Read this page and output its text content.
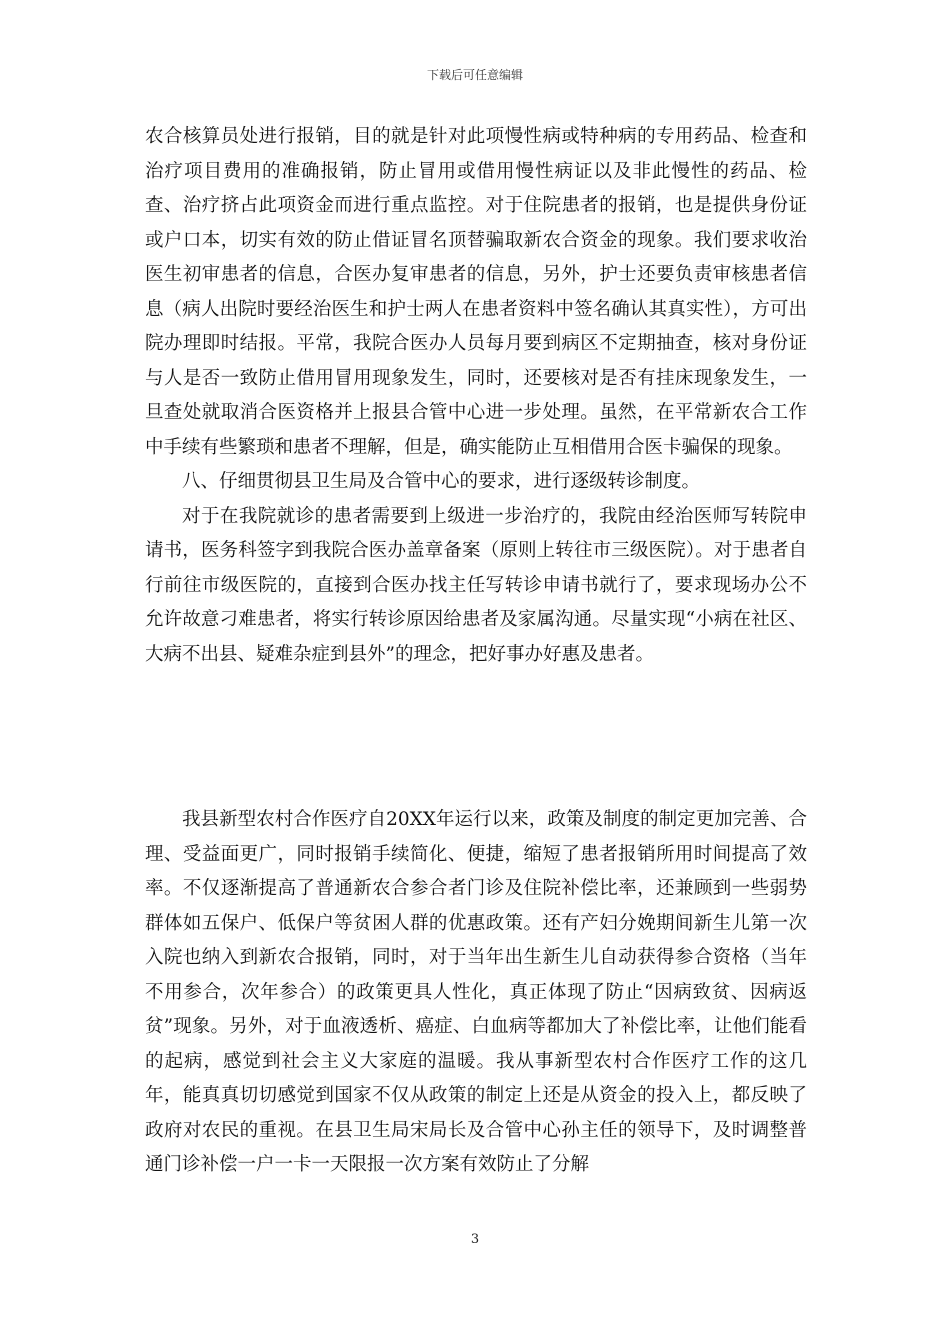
下载后可任意编辑

农合核算员处进行报销，目的就是针对此项慢性病或特种病的专用药品、检查和治疗项目费用的准确报销，防止冒用或借用慢性病证以及非此慢性的药品、检查、治疗挤占此项资金而进行重点监控。对于住院患者的报销，也是提供身份证或户口本，切实有效的防止借证冒名顶替骗取新农合资金的现象。我们要求收治医生初审患者的信息，合医办复审患者的信息，另外，护士还要负责审核患者信息（病人出院时要经治医生和护士两人在患者资料中签名确认其真实性），方可出院办理即时结报。平常，我院合医办人员每月要到病区不定期抽查，核对身份证与人是否一致防止借用冒用现象发生，同时，还要核对是否有挂床现象发生，一旦查处就取消合医资格并上报县合管中心进一步处理。虽然，在平常新农合工作中手续有些繁琐和患者不理解，但是，确实能防止互相借用合医卡骗保的现象。

八、仔细贯彻县卫生局及合管中心的要求，进行逐级转诊制度。

对于在我院就诊的患者需要到上级进一步治疗的，我院由经治医师写转院申请书，医务科签字到我院合医办盖章备案（原则上转往市三级医院）。对于患者自行前往市级医院的，直接到合医办找主任写转诊申请书就行了，要求现场办公不允许故意刁难患者，将实行转诊原因给患者及家属沟通。尽量实现“小病在社区、大病不出县、疑难杂症到县外”的理念，把好事办好惠及患者。

我县新型农村合作医疗自20XX年运行以来，政策及制度的制定更加完善、合理、受益面更广，同时报销手续简化、便捷，缩短了患者报销所用时间提高了效率。不仅逐渐提高了普通新农合参合者门诊及住院补偿比率，还兼顾到一些弱势群体如五保户、低保户等贫困人群的优惠政策。还有产妇分娩期间新生儿第一次入院也纳入到新农合报销，同时，对于当年出生新生儿自动获得参合资格（当年不用参合，次年参合）的政策更具人性化，真正体现了防止“因病致贫、因病返贫”现象。另外，对于血液透析、癌症、白血病等都加大了补偿比率，让他们能看的起病，感觉到社会主义大家庭的温暖。我从事新型农村合作医疗工作的这几年，能真真切切感觉到国家不仅从政策的制定上还是从资金的投入上，都反映了政府对农民的重视。在县卫生局宋局长及合管中心孙主任的领导下，及时调整普通门诊补偿一户一卡一天限报一次方案有效防止了分解

3
